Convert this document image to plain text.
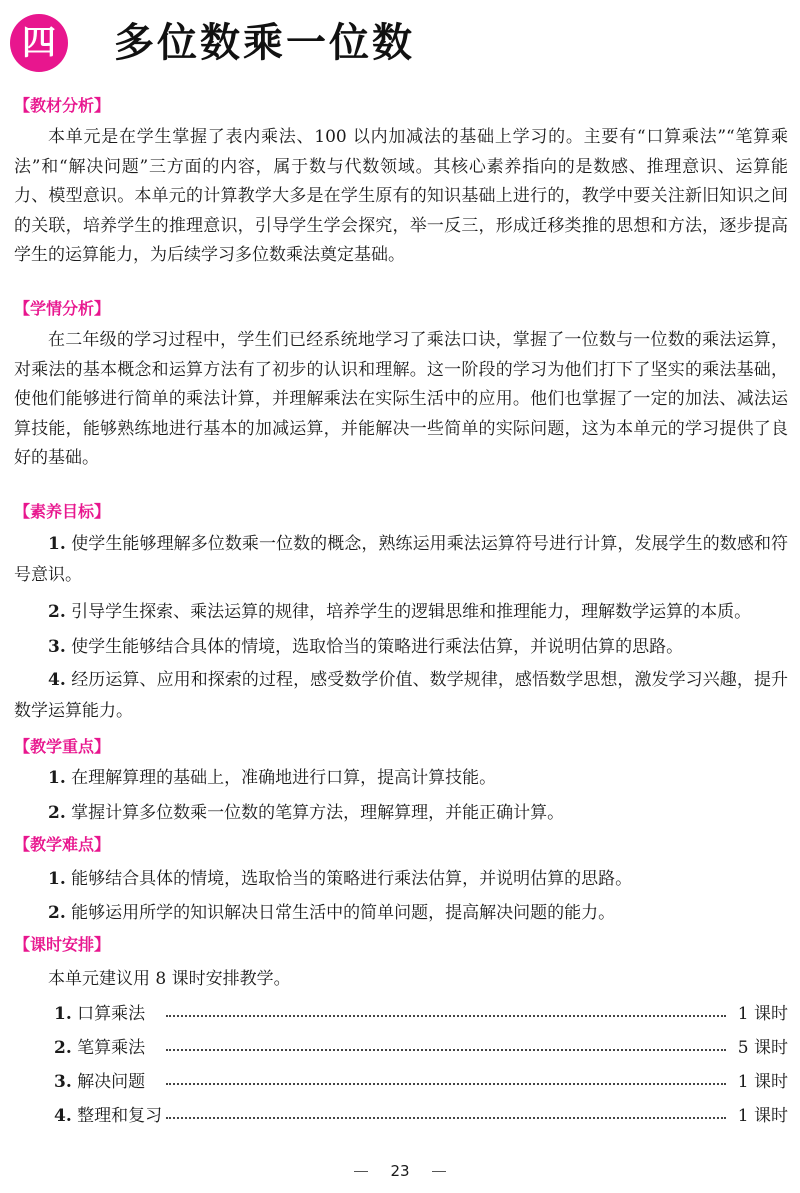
四	多位数乘一位数
【教材分析】

本单元是在学生掌握了表内乘法、100 以内加减法的基础上学习的。主要有“口算乘法”“笔算乘法”和“解决问题”三方面的内容，属于数与代数领域。其核心素养指向的是数感、推理意识、运算能力、模型意识。本单元的计算教学大多是在学生原有的知识基础上进行的，教学中要关注新旧知识之间的关联，培养学生的推理意识，引导学生学会探究，举一反三，形成迁移类推的思想和方法，逐步提高学生的运算能力，为后续学习多位数乘法奠定基础。

【学情分析】

在二年级的学习过程中，学生们已经系统地学习了乘法口诀，掌握了一位数与一位数的乘法运算，对乘法的基本概念和运算方法有了初步的认识和理解。这一阶段的学习为他们打下了坚实的乘法基础，使他们能够进行简单的乘法计算，并理解乘法在实际生活中的应用。他们也掌握了一定的加法、减法运算技能，能够熟练地进行基本的加减运算，并能解决一些简单的实际问题，这为本单元的学习提供了良好的基础。

【素养目标】

1. 使学生能够理解多位数乘一位数的概念，熟练运用乘法运算符号进行计算，发展学生的数感和符号意识。

2. 引导学生探索、乘法运算的规律，培养学生的逻辑思维和推理能力，理解数学运算的本质。

3. 使学生能够结合具体的情境，选取恰当的策略进行乘法估算，并说明估算的思路。

4. 经历运算、应用和探索的过程，感受数学价值、数学规律，感悟数学思想，激发学习兴趣，提升数学运算能力。

【教学重点】

1. 在理解算理的基础上，准确地进行口算，提高计算技能。

2. 掌握计算多位数乘一位数的笔算方法，理解算理，并能正确计算。

【教学难点】

1. 能够结合具体的情境，选取恰当的策略进行乘法估算，并说明估算的思路。

2. 能够运用所学的知识解决日常生活中的简单问题，提高解决问题的能力。

【课时安排】

本单元建议用 8 课时安排教学。

1. 口算乘法	1 课时
2. 笔算乘法	5 课时
3. 解决问题	1 课时
4. 整理和复习	1 课时
23
